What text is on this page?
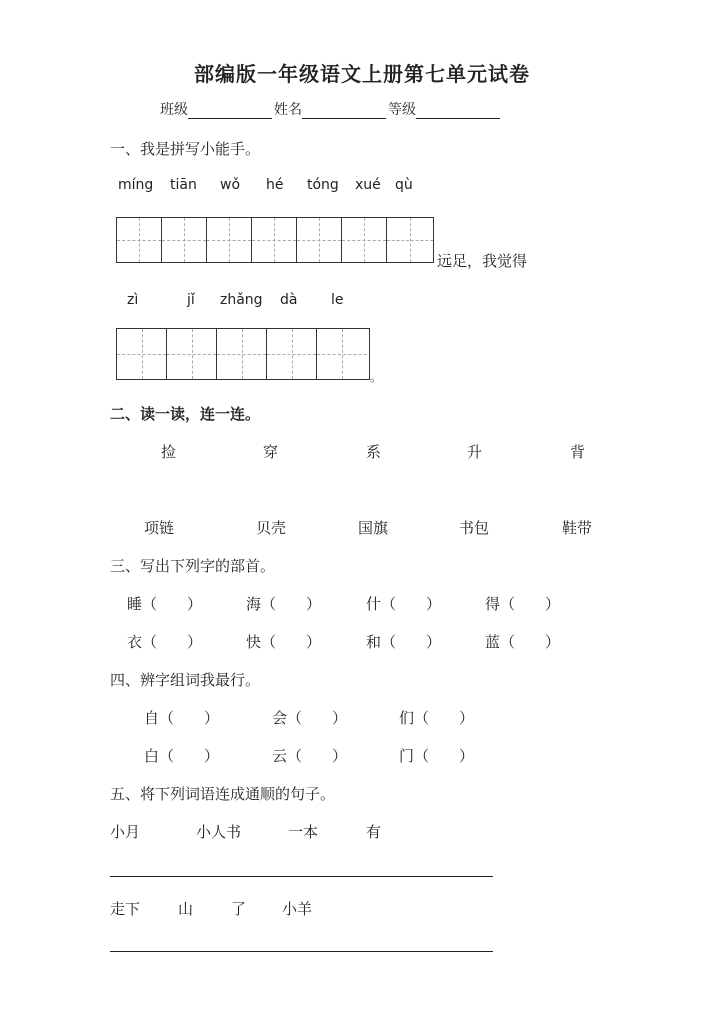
部编版一年级语文上册第七单元试卷
班级	姓名	等级
一、我是拼写小能手。
míng tiān wǒ hé tóng xué qù
远足，我觉得
zì	jǐ zhǎng dà le
。
二、读一读，连一连。
捡	穿	系	升	背
项链	贝壳	国旗	书包	鞋带
三、写出下列字的部首。
睡（　　）	海（　　）	什（　　）	得（　　）
衣（　　）	快（　　）	和（　　）	蓝（　　）
四、辨字组词我最行。
自（　　）	会（　　）	们（　　）
白（　　）	云（　　）	门（　　）
五、将下列词语连成通顺的句子。
小月	小人书	一本	有
走下	山	了 小羊
